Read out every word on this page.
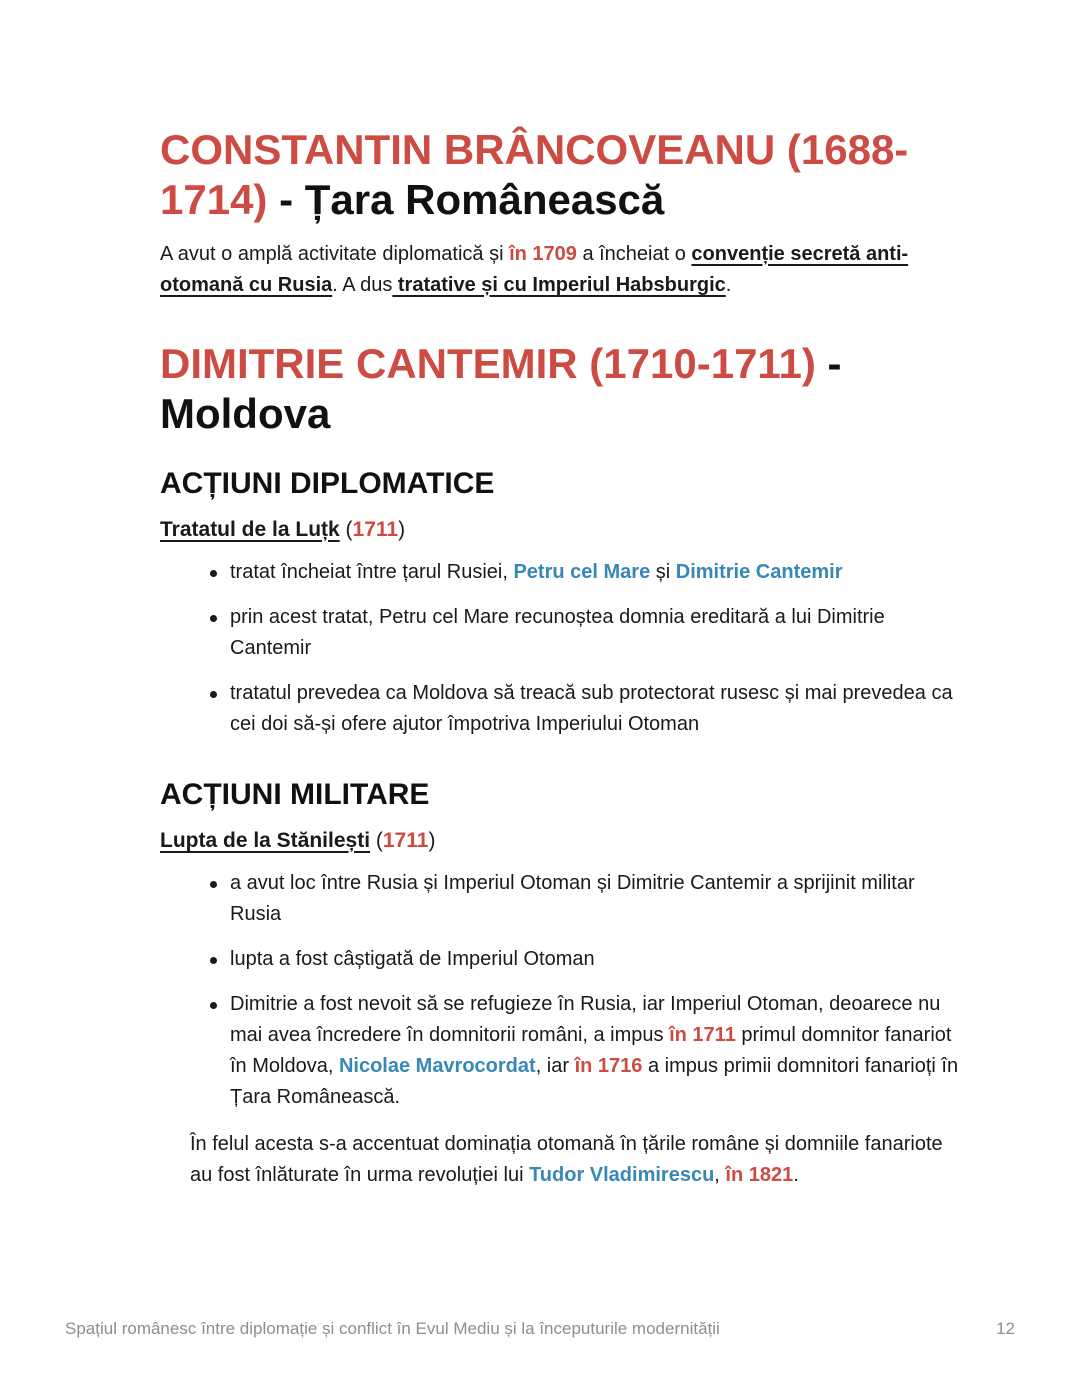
CONSTANTIN BRÂNCOVEANU (1688-1714) - Țara Românească

A avut o amplă activitate diplomatică și în 1709 a încheiat o convenție secretă anti-otomană cu Rusia. A dus tratative și cu Imperiul Habsburgic.

DIMITRIE CANTEMIR (1710-1711) - Moldova
ACȚIUNI DIPLOMATICE

Tratatul de la Luțk (1711)

tratat încheiat între țarul Rusiei, Petru cel Mare și Dimitrie Cantemir
prin acest tratat, Petru cel Mare recunoștea domnia ereditară a lui Dimitrie Cantemir
tratatul prevedea ca Moldova să treacă sub protectorat rusesc și mai prevedea ca cei doi să-și ofere ajutor împotriva Imperiului Otoman
ACȚIUNI MILITARE

Lupta de la Stănilești (1711)

a avut loc între Rusia și Imperiul Otoman și Dimitrie Cantemir a sprijinit militar Rusia
lupta a fost câștigată de Imperiul Otoman
Dimitrie a fost nevoit să se refugieze în Rusia, iar Imperiul Otoman, deoarece nu mai avea încredere în domnitorii români, a impus în 1711 primul domnitor fanariot în Moldova, Nicolae Mavrocordat, iar în 1716 a impus primii domnitori fanarioți în Țara Românească.

În felul acesta s-a accentuat dominația otomană în țările române și domniile fanariote au fost înlăturate în urma revoluției lui Tudor Vladimirescu, în 1821.

Spațiul românesc între diplomație și conflict în Evul Mediu și la începuturile modernității	12
